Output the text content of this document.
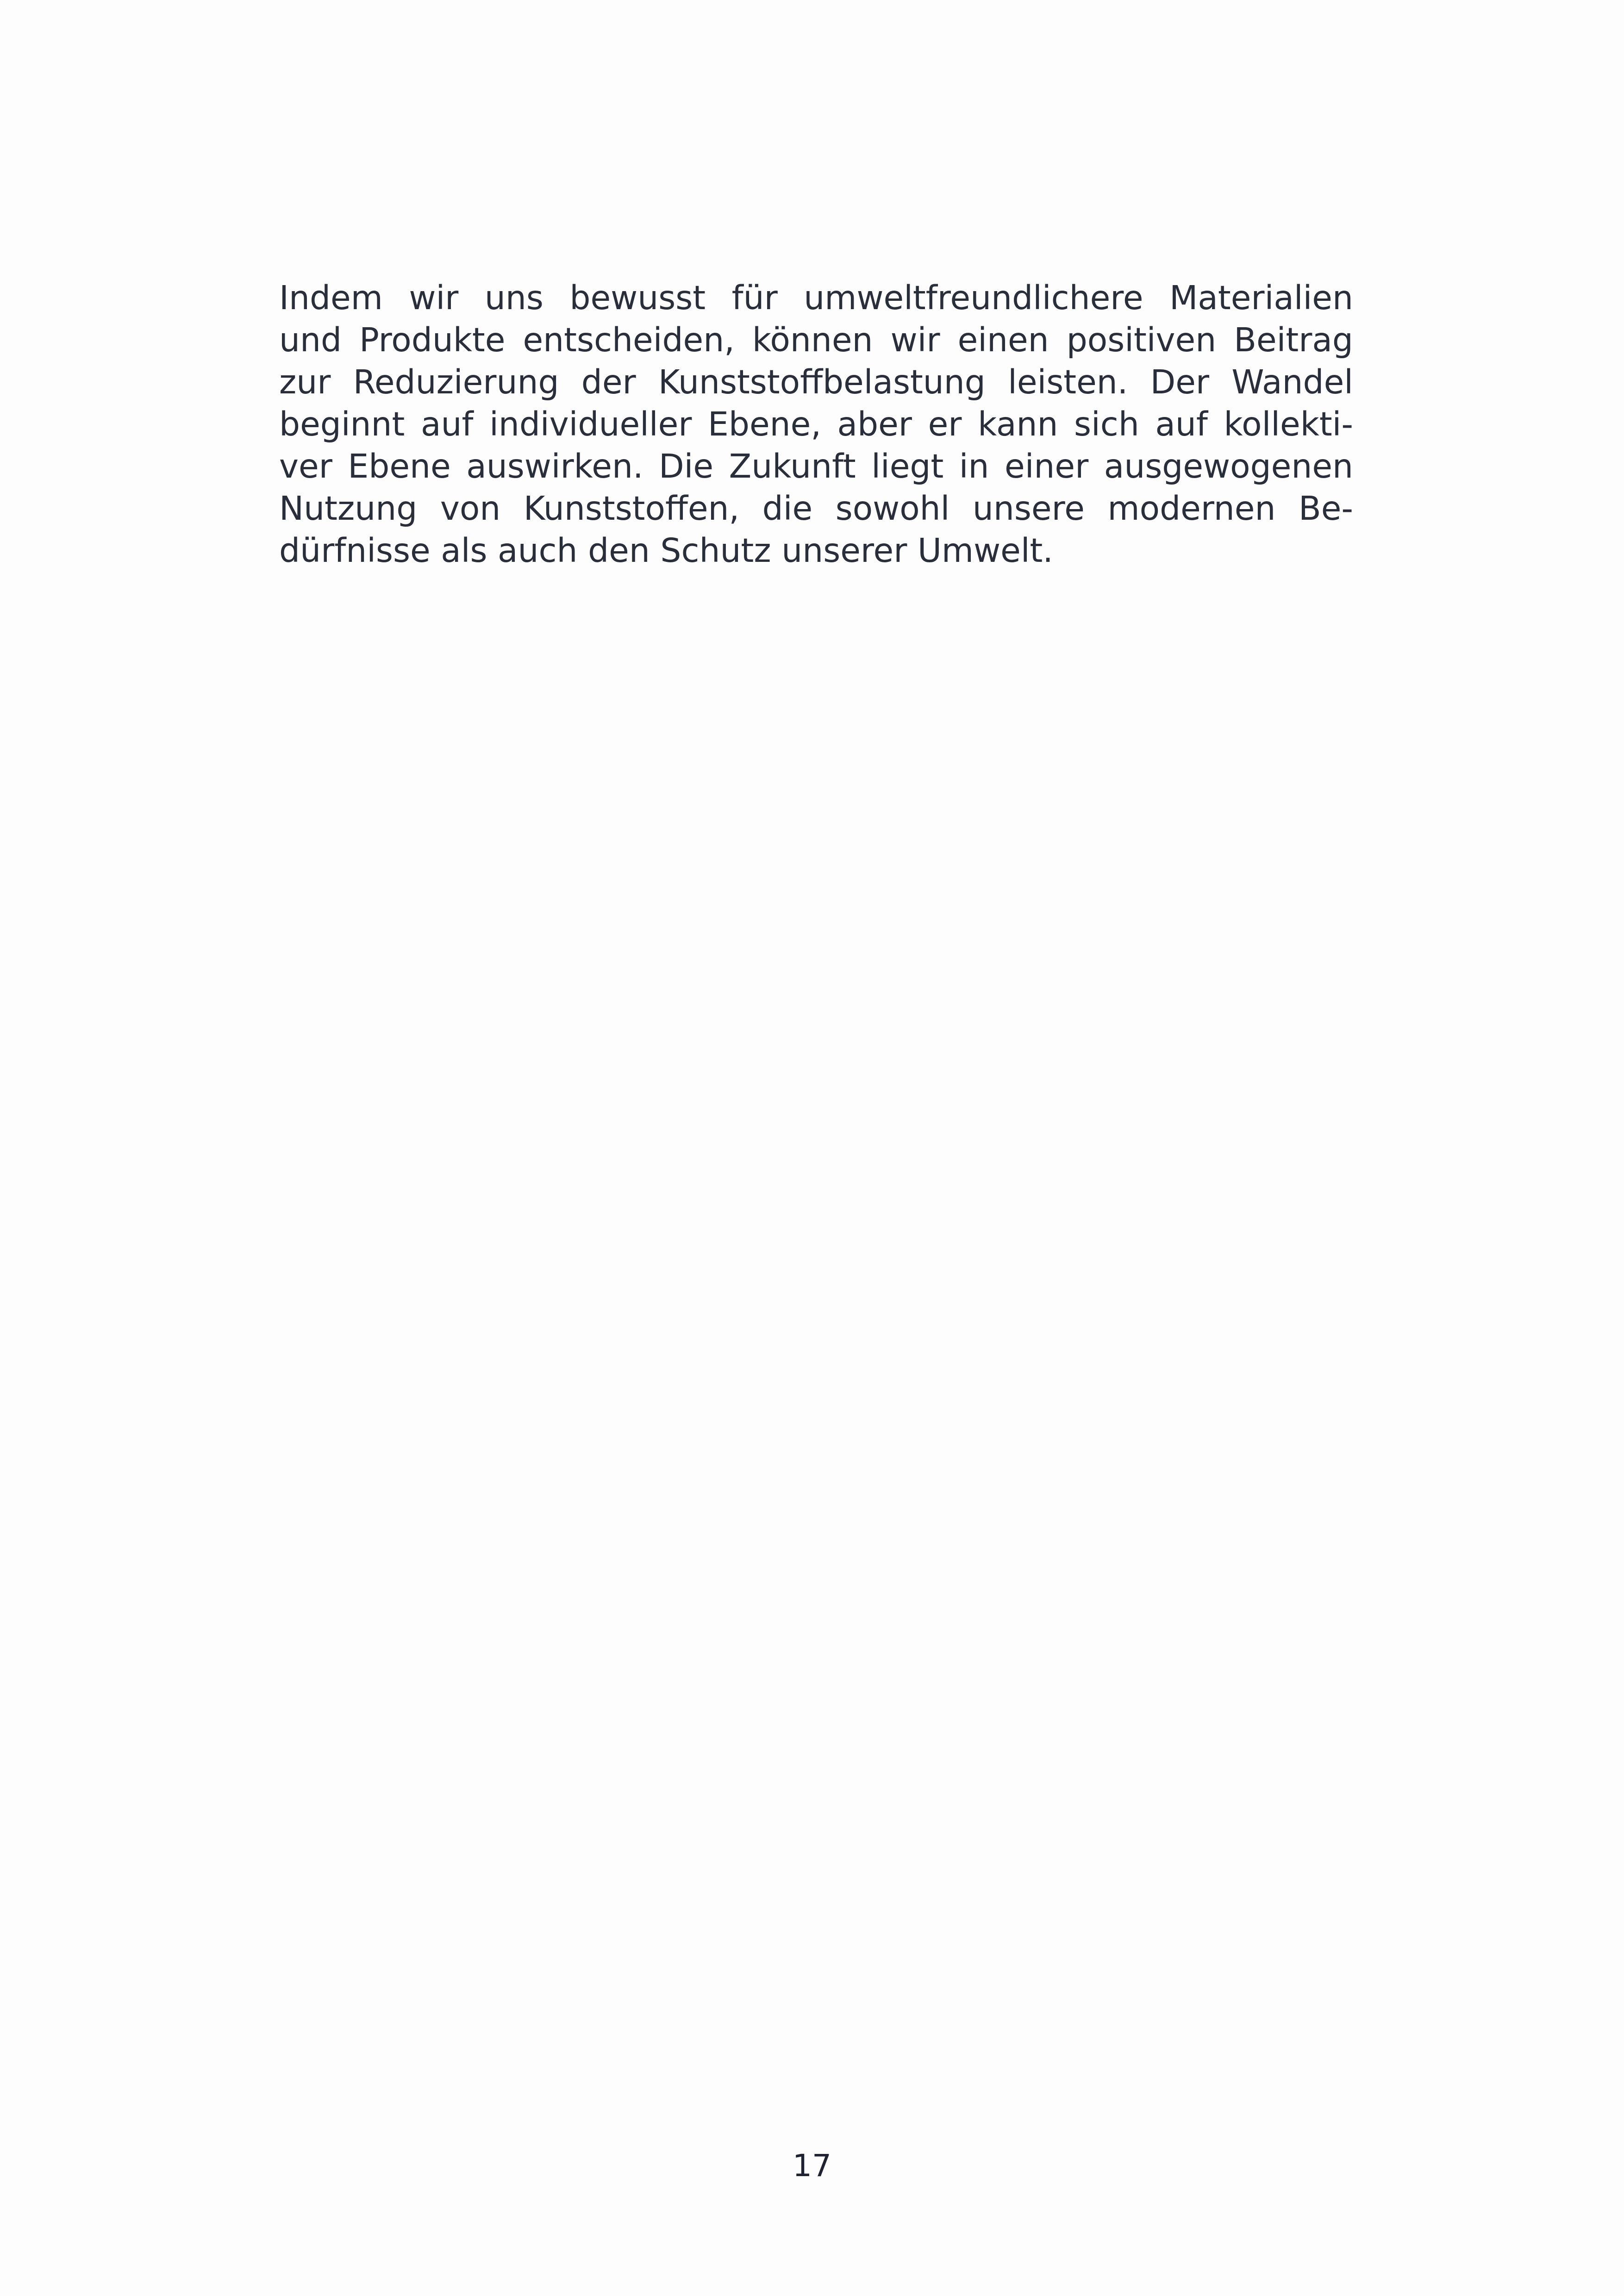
Indem wir uns bewusst für umweltfreundlichere Materialien
und Produkte entscheiden, können wir einen positiven Beitrag
zur Reduzierung der Kunststoffbelastung leisten. Der Wandel
beginnt auf individueller Ebene, aber er kann sich auf kollekti-
ver Ebene auswirken. Die Zukunft liegt in einer ausgewogenen
Nutzung von Kunststoffen, die sowohl unsere modernen Be-
dürfnisse als auch den Schutz unserer Umwelt.

17
